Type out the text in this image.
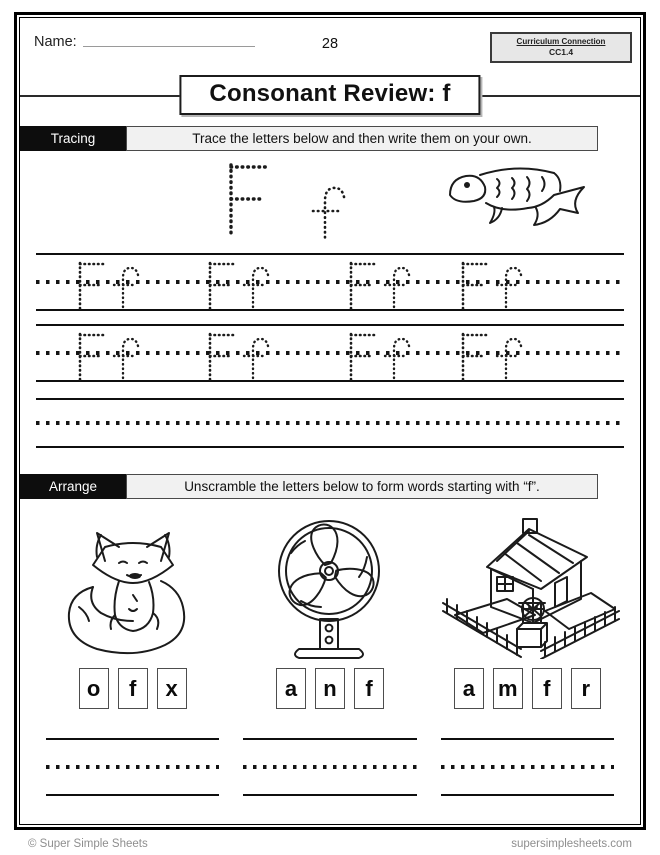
Name:	28	Curriculum Connection
CC1.4
Consonant Review: f
Tracing	Trace the letters below and then write them on your own.
Arrange	Unscramble the letters below to form words starting with “f”.
o	f	x	a	n	f	a	m	f	r
© Super Simple Sheets	supersimplesheets.com
